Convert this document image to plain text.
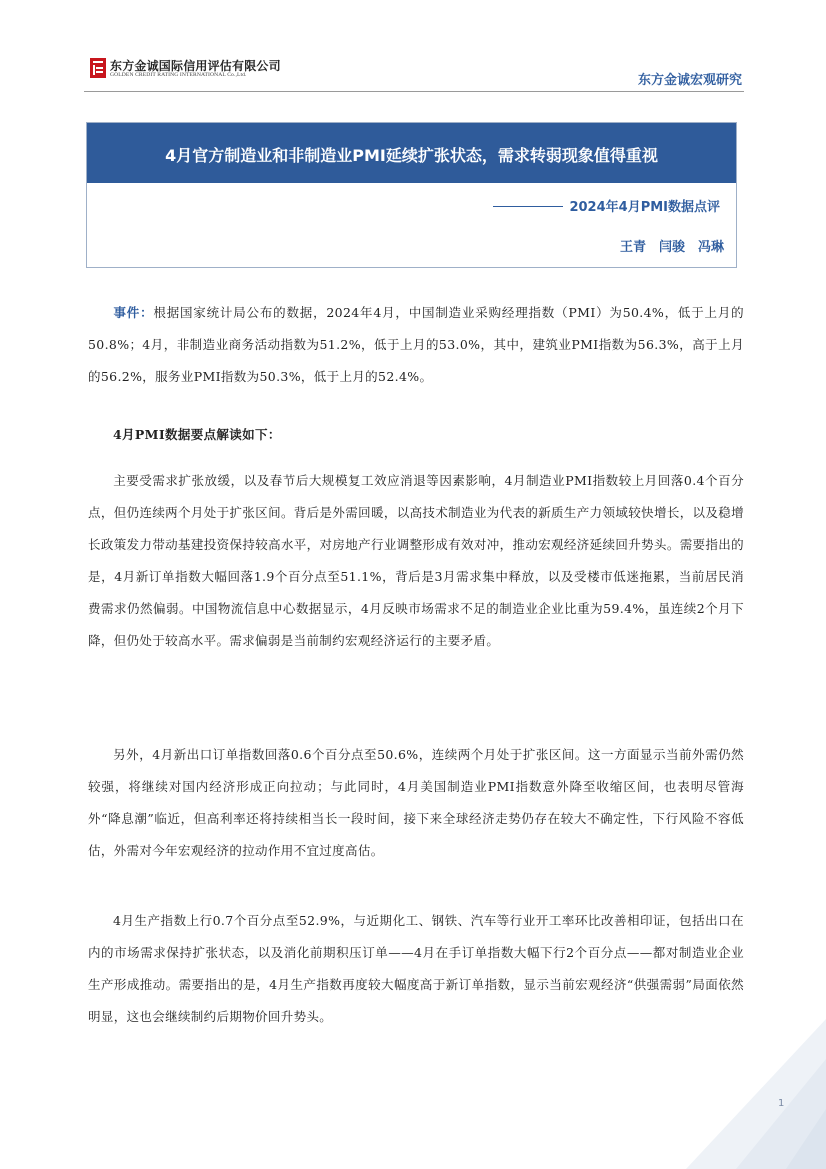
东方金诚国际信用评估有限公司
GOLDEN CREDIT RATING INTERNATIONAL Co.,Ltd.	东方金诚宏观研究
4月官方制造业和非制造业PMI延续扩张状态，需求转弱现象值得重视
2024年4月PMI数据点评
王青　闫骏　冯琳
事件：根据国家统计局公布的数据，2024年4月，中国制造业采购经理指数（PMI）为50.4%，低于上月的50.8%；4月，非制造业商务活动指数为51.2%，低于上月的53.0%，其中，建筑业PMI指数为56.3%，高于上月的56.2%，服务业PMI指数为50.3%，低于上月的52.4%。
4月PMI数据要点解读如下：
主要受需求扩张放缓，以及春节后大规模复工效应消退等因素影响，4月制造业PMI指数较上月回落0.4个百分点，但仍连续两个月处于扩张区间。背后是外需回暖，以高技术制造业为代表的新质生产力领域较快增长，以及稳增长政策发力带动基建投资保持较高水平，对房地产行业调整形成有效对冲，推动宏观经济延续回升势头。需要指出的是，4月新订单指数大幅回落1.9个百分点至51.1%，背后是3月需求集中释放，以及受楼市低迷拖累，当前居民消费需求仍然偏弱。中国物流信息中心数据显示，4月反映市场需求不足的制造业企业比重为59.4%，虽连续2个月下降，但仍处于较高水平。需求偏弱是当前制约宏观经济运行的主要矛盾。
另外，4月新出口订单指数回落0.6个百分点至50.6%，连续两个月处于扩张区间。这一方面显示当前外需仍然较强，将继续对国内经济形成正向拉动；与此同时，4月美国制造业PMI指数意外降至收缩区间，也表明尽管海外“降息潮”临近，但高利率还将持续相当长一段时间，接下来全球经济走势仍存在较大不确定性，下行风险不容低估，外需对今年宏观经济的拉动作用不宜过度高估。
4月生产指数上行0.7个百分点至52.9%，与近期化工、钢铁、汽车等行业开工率环比改善相印证，包括出口在内的市场需求保持扩张状态，以及消化前期积压订单——4月在手订单指数大幅下行2个百分点——都对制造业企业生产形成推动。需要指出的是，4月生产指数再度较大幅度高于新订单指数，显示当前宏观经济“供强需弱”局面依然明显，这也会继续制约后期物价回升势头。
1
